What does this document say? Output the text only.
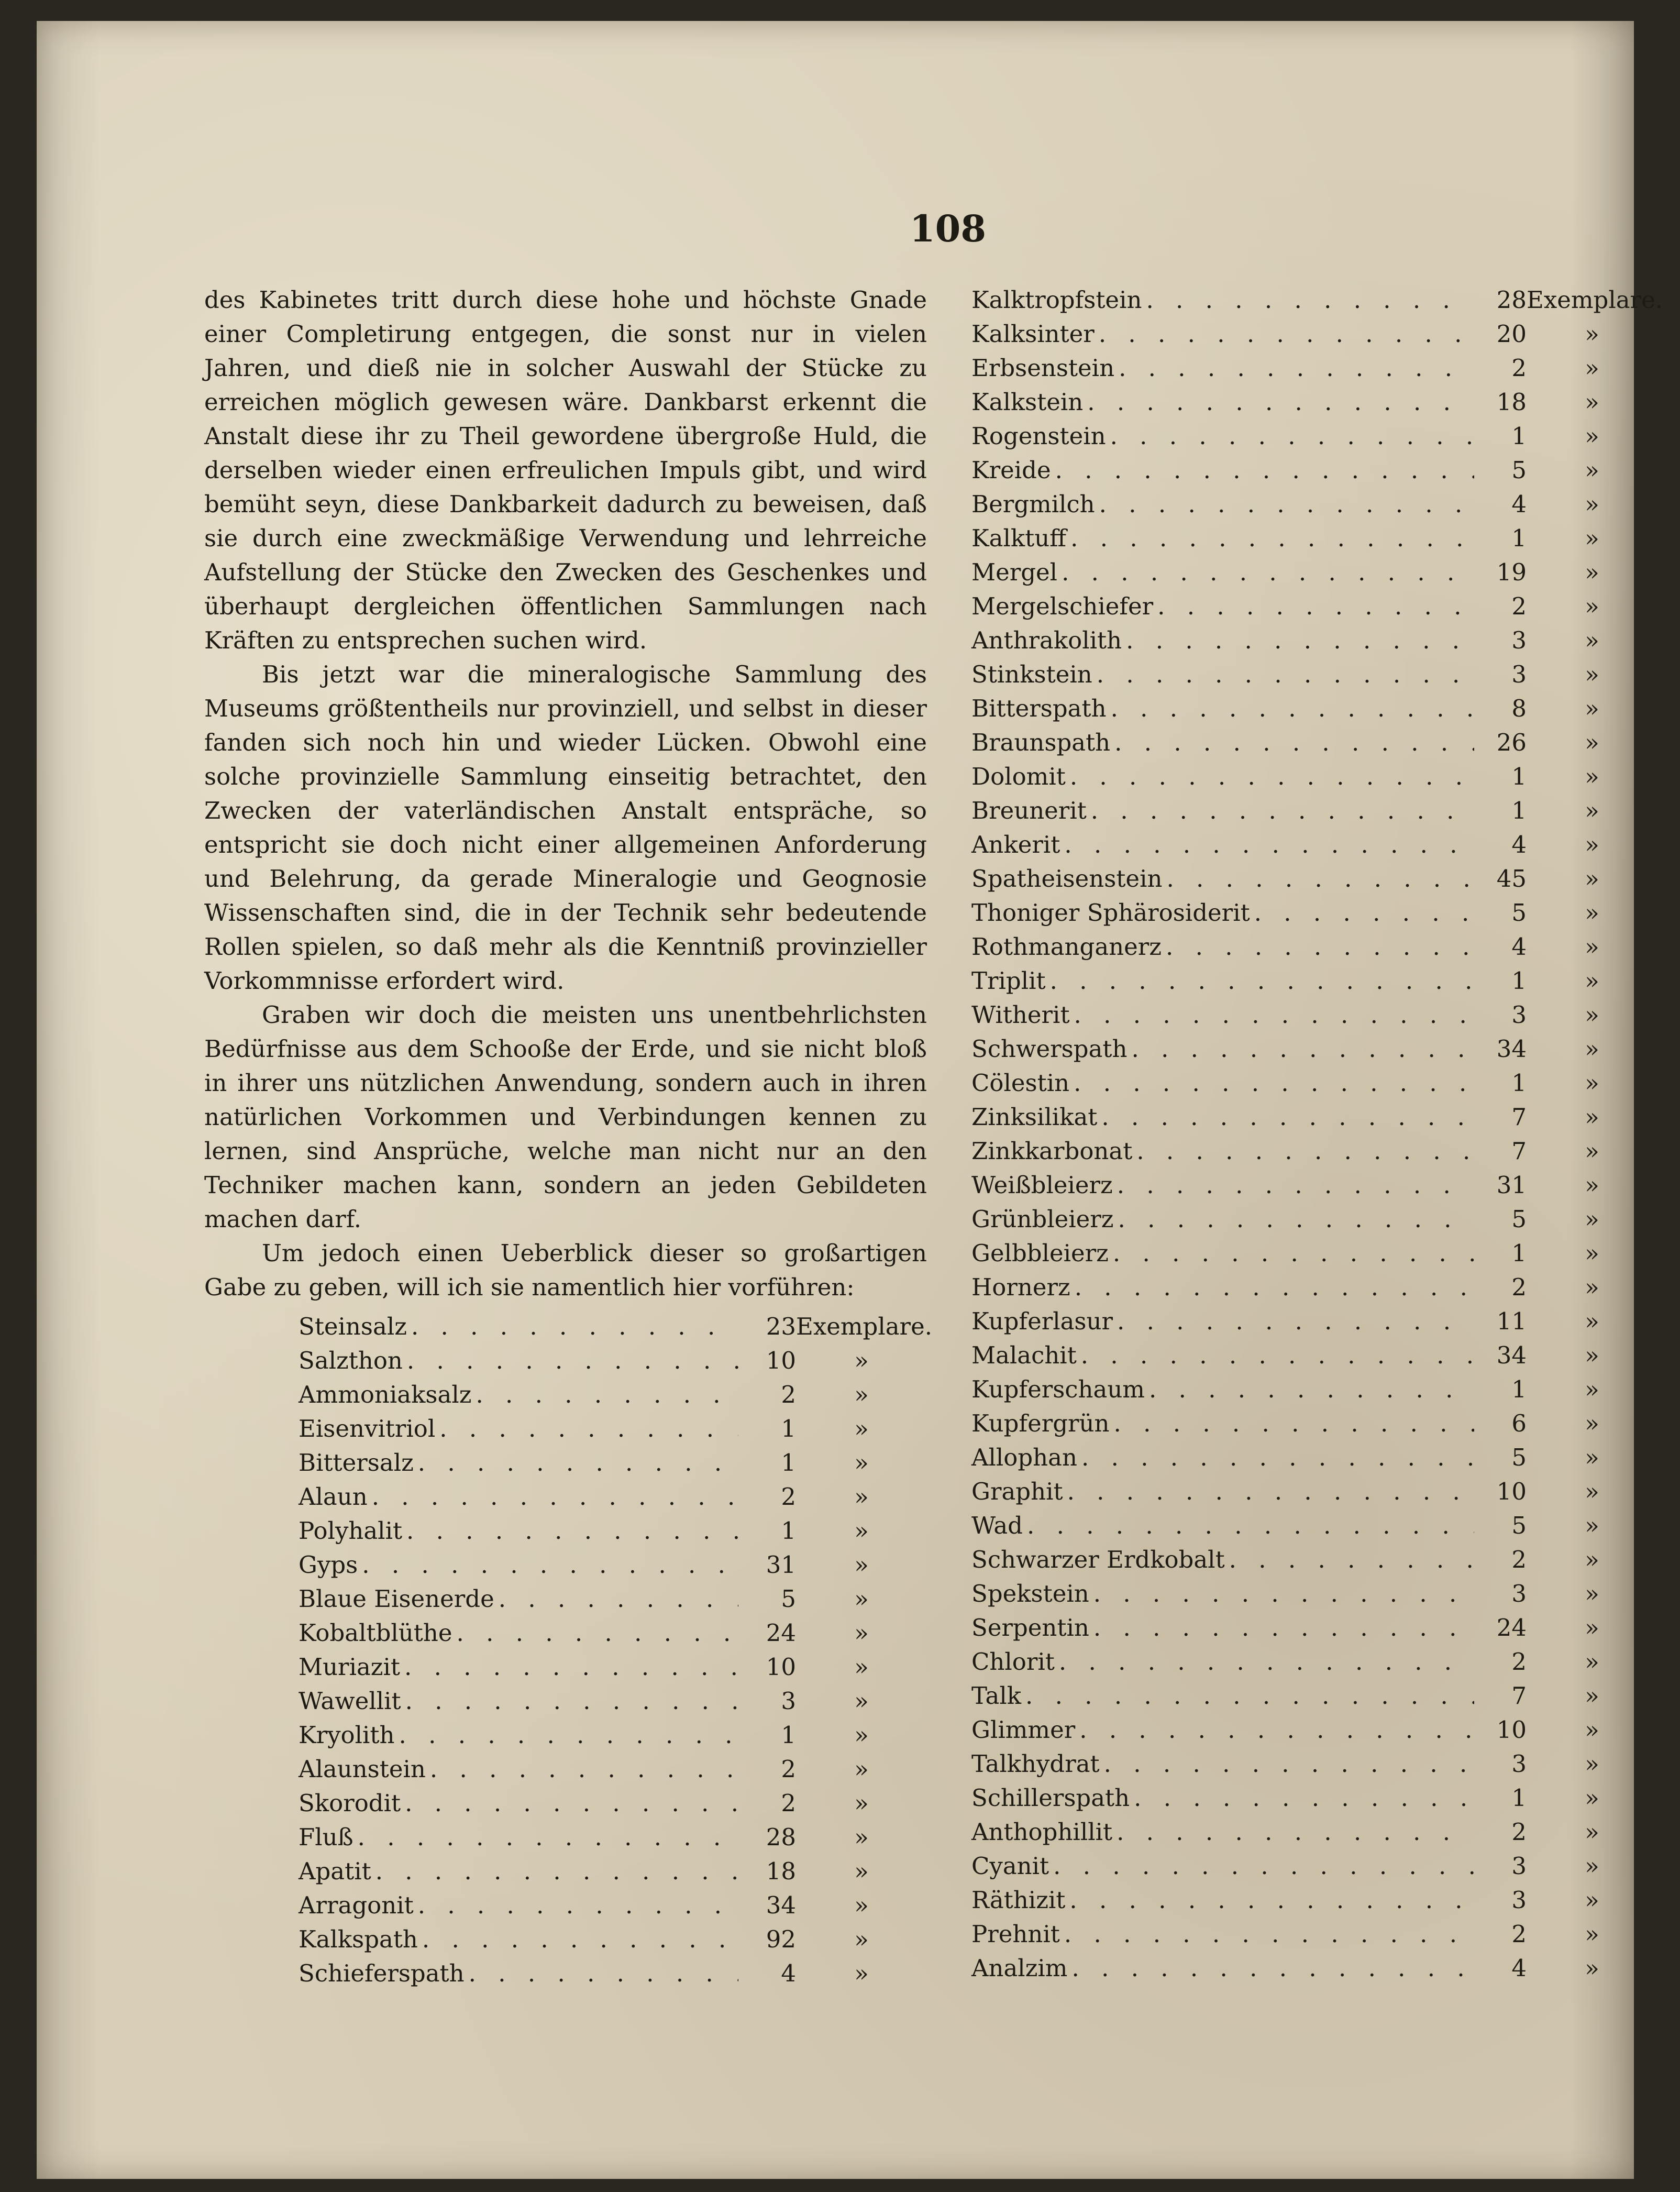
108

des Kabinetes tritt durch diese hohe und höchste Gnade einer Completirung entgegen, die sonst nur in vielen Jahren, und dieß nie in solcher Auswahl der Stücke zu erreichen möglich gewesen wäre. Dankbarst erkennt die Anstalt diese ihr zu Theil gewordene übergroße Huld, die derselben wieder einen erfreulichen Impuls gibt, und wird bemüht seyn, diese Dankbarkeit dadurch zu beweisen, daß sie durch eine zweckmäßige Verwendung und lehrreiche Aufstellung der Stücke den Zwecken des Geschenkes und überhaupt dergleichen öffentlichen Sammlungen nach Kräften zu entsprechen suchen wird.

Bis jetzt war die mineralogische Sammlung des Museums größtentheils nur provinziell, und selbst in dieser fanden sich noch hin und wieder Lücken. Obwohl eine solche provinzielle Sammlung einseitig betrachtet, den Zwecken der vaterländischen Anstalt entspräche, so entspricht sie doch nicht einer allgemeinen Anforderung und Belehrung, da gerade Mineralogie und Geognosie Wissenschaften sind, die in der Technik sehr bedeutende Rollen spielen, so daß mehr als die Kenntniß provinzieller Vorkommnisse erfordert wird.

Graben wir doch die meisten uns unentbehrlichsten Bedürfnisse aus dem Schooße der Erde, und sie nicht bloß in ihrer uns nützlichen Anwendung, sondern auch in ihren natürlichen Vorkommen und Verbindungen kennen zu lernen, sind Ansprüche, welche man nicht nur an den Techniker machen kann, sondern an jeden Gebildeten machen darf.

Um jedoch einen Ueberblick dieser so großartigen Gabe zu geben, will ich sie namentlich hier vorführen:

Steinsalz . . .	23 Exemplare.
Salzthon . . .	10	»
Ammoniaksalz . . .	2	»
Eisenvitriol . . .	1	»
Bittersalz . . .	1	»
Alaun . . .	2	»
Polyhalit . . .	1	»
Gyps . . .	31	»
Blaue Eisenerde . . .	5	»
Kobaltblüthe . . .	24	»
Muriazit . . .	10	»
Wawellit . . .	3	»
Kryolith . . .	1	»
Alaunstein . . .	2	»
Skorodit . . .	2	»
Fluß . . .	28	»
Apatit . . .	18	»
Arragonit . . .	34	»
Kalkspath . . .	92	»
Schieferspath . . .	4	»
Kalktropfstein . . .	28 Exemplare.
Kalksinter . . .	20	»
Erbsenstein . . .	2	»
Kalkstein . . .	18	»
Rogenstein . . .	1	»
Kreide . . .	5	»
Bergmilch . . .	4	»
Kalktuff . . .	1	»
Mergel . . .	19	»
Mergelschiefer . . .	2	»
Anthrakolith . . .	3	»
Stinkstein . . .	3	»
Bitterspath . . .	8	»
Braunspath . . .	26	»
Dolomit . . .	1	»
Breunerit . . .	1	»
Ankerit . . .	4	»
Spatheisenstein . . .	45	»
Thoniger Sphärosiderit . . .	5	»
Rothmanganerz . . .	4	»
Triplit . . .	1	»
Witherit . . .	3	»
Schwerspath . . .	34	»
Cölestin . . .	1	»
Zinksilikat . . .	7	»
Zinkkarbonat . . .	7	»
Weißbleierz . . .	31	»
Grünbleierz . . .	5	»
Gelbbleierz . . .	1	»
Hornerz . . .	2	»
Kupferlasur . . .	11	»
Malachit . . .	34	»
Kupferschaum . . .	1	»
Kupfergrün . . .	6	»
Allophan . . .	5	»
Graphit . . .	10	»
Wad . . .	5	»
Schwarzer Erdkobalt . . .	2	»
Spekstein . . .	3	»
Serpentin . . .	24	»
Chlorit . . .	2	»
Talk . . .	7	»
Glimmer . . .	10	»
Talkhydrat . . .	3	»
Schillerspath . . .	1	»
Anthophillit . . .	2	»
Cyanit . . .	3	»
Räthizit . . .	3	»
Prehnit . . .	2	»
Analzim . . .	4	»
